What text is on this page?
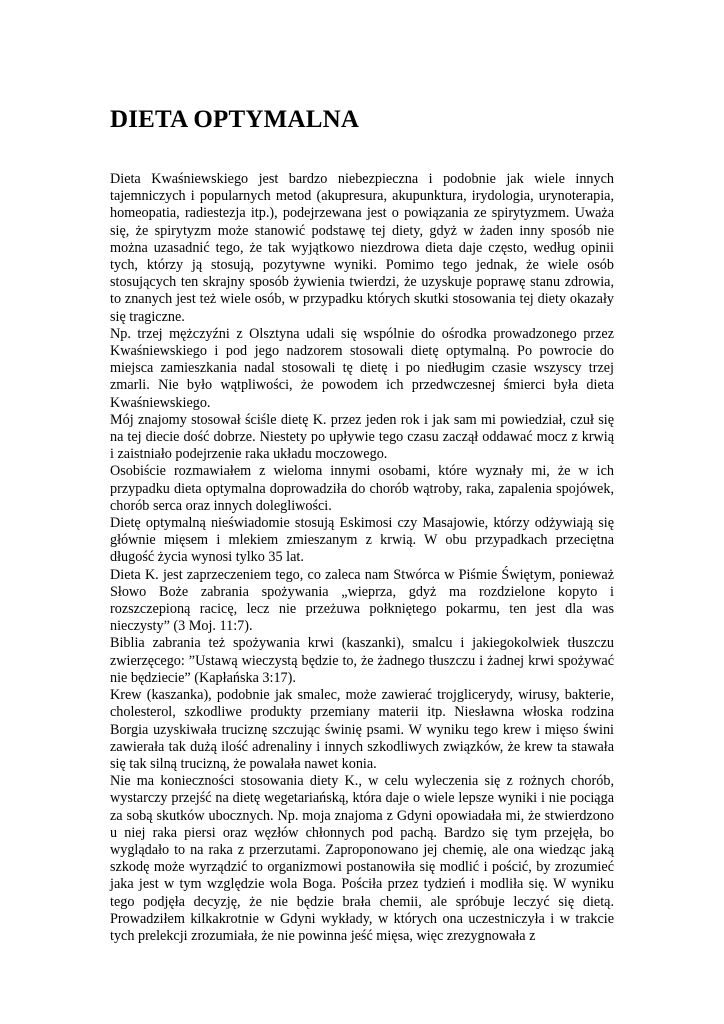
DIETA OPTYMALNA

Dieta Kwaśniewskiego jest bardzo niebezpieczna i podobnie jak wiele innych tajemniczych i popularnych metod (akupresura, akupunktura, irydologia, urynoterapia, homeopatia, radiestezja itp.), podejrzewana jest o powiązania ze spirytyzmem. Uważa się, że spirytyzm może stanowić podstawę tej diety, gdyż w żaden inny sposób nie można uzasadnić tego, że tak wyjątkowo niezdrowa dieta daje często, według opinii tych, którzy ją stosują, pozytywne wyniki. Pomimo tego jednak, że wiele osób stosujących ten skrajny sposób żywienia twierdzi, że uzyskuje poprawę stanu zdrowia, to znanych jest też wiele osób, w przypadku których skutki stosowania tej diety okazały się tragiczne.

Np. trzej mężczyźni z Olsztyna udali się wspólnie do ośrodka prowadzonego przez Kwaśniewskiego i pod jego nadzorem stosowali dietę optymalną. Po powrocie do miejsca zamieszkania nadal stosowali tę dietę i po niedługim czasie wszyscy trzej zmarli. Nie było wątpliwości, że powodem ich przedwczesnej śmierci była dieta Kwaśniewskiego.

Mój znajomy stosował ściśle dietę K. przez jeden rok i jak sam mi powiedział, czuł się na tej diecie dość dobrze. Niestety po upływie tego czasu zaczął oddawać mocz z krwią i zaistniało podejrzenie raka układu moczowego.

Osobiście rozmawiałem z wieloma innymi osobami, które wyznały mi, że w ich przypadku dieta optymalna doprowadziła do chorób wątroby, raka, zapalenia spojówek, chorób serca oraz innych dolegliwości.

Dietę optymalną nieświadomie stosują Eskimosi czy Masajowie, którzy odżywiają się głównie mięsem i mlekiem zmieszanym z krwią. W obu przypadkach przeciętna długość życia wynosi tylko 35 lat.

Dieta K. jest zaprzeczeniem tego, co zaleca nam Stwórca w Piśmie Świętym, ponieważ Słowo Boże zabrania spożywania „wieprza, gdyż ma rozdzielone kopyto i rozszczepioną racicę, lecz nie przeżuwa połkniętego pokarmu, ten jest dla was nieczysty” (3 Moj. 11:7).

Biblia zabrania też spożywania krwi (kaszanki), smalcu i jakiegokolwiek tłuszczu zwierzęcego: ”Ustawą wieczystą będzie to, że żadnego tłuszczu i żadnej krwi spożywać nie będziecie” (Kapłańska 3:17).

Krew (kaszanka), podobnie jak smalec, może zawierać trojglicerydy, wirusy, bakterie, cholesterol, szkodliwe produkty przemiany materii itp. Niesławna włoska rodzina Borgia uzyskiwała truciznę szczując świnię psami. W wyniku tego krew i mięso świni zawierała tak dużą ilość adrenaliny i innych szkodliwych związków, że krew ta stawała się tak silną trucizną, że powalała nawet konia.

Nie ma konieczności stosowania diety K., w celu wyleczenia się z rożnych chorób, wystarczy przejść na dietę wegetariańską, która daje o wiele lepsze wyniki i nie pociąga za sobą skutków ubocznych. Np. moja znajoma z Gdyni opowiadała mi, że stwierdzono u niej raka piersi oraz węzłów chłonnych pod pachą. Bardzo się tym przejęła, bo wyglądało to na raka z przerzutami. Zaproponowano jej chemię, ale ona wiedząc jaką szkodę może wyrządzić to organizmowi postanowiła się modlić i pościć, by zrozumieć jaka jest w tym względzie wola Boga. Pościła przez tydzień i modliła się. W wyniku tego podjęła decyzję, że nie będzie brała chemii, ale spróbuje leczyć się dietą. Prowadziłem kilkakrotnie w Gdyni wykłady, w których ona uczestniczyła i w trakcie tych prelekcji zrozumiała, że nie powinna jeść mięsa, więc zrezygnowała z
